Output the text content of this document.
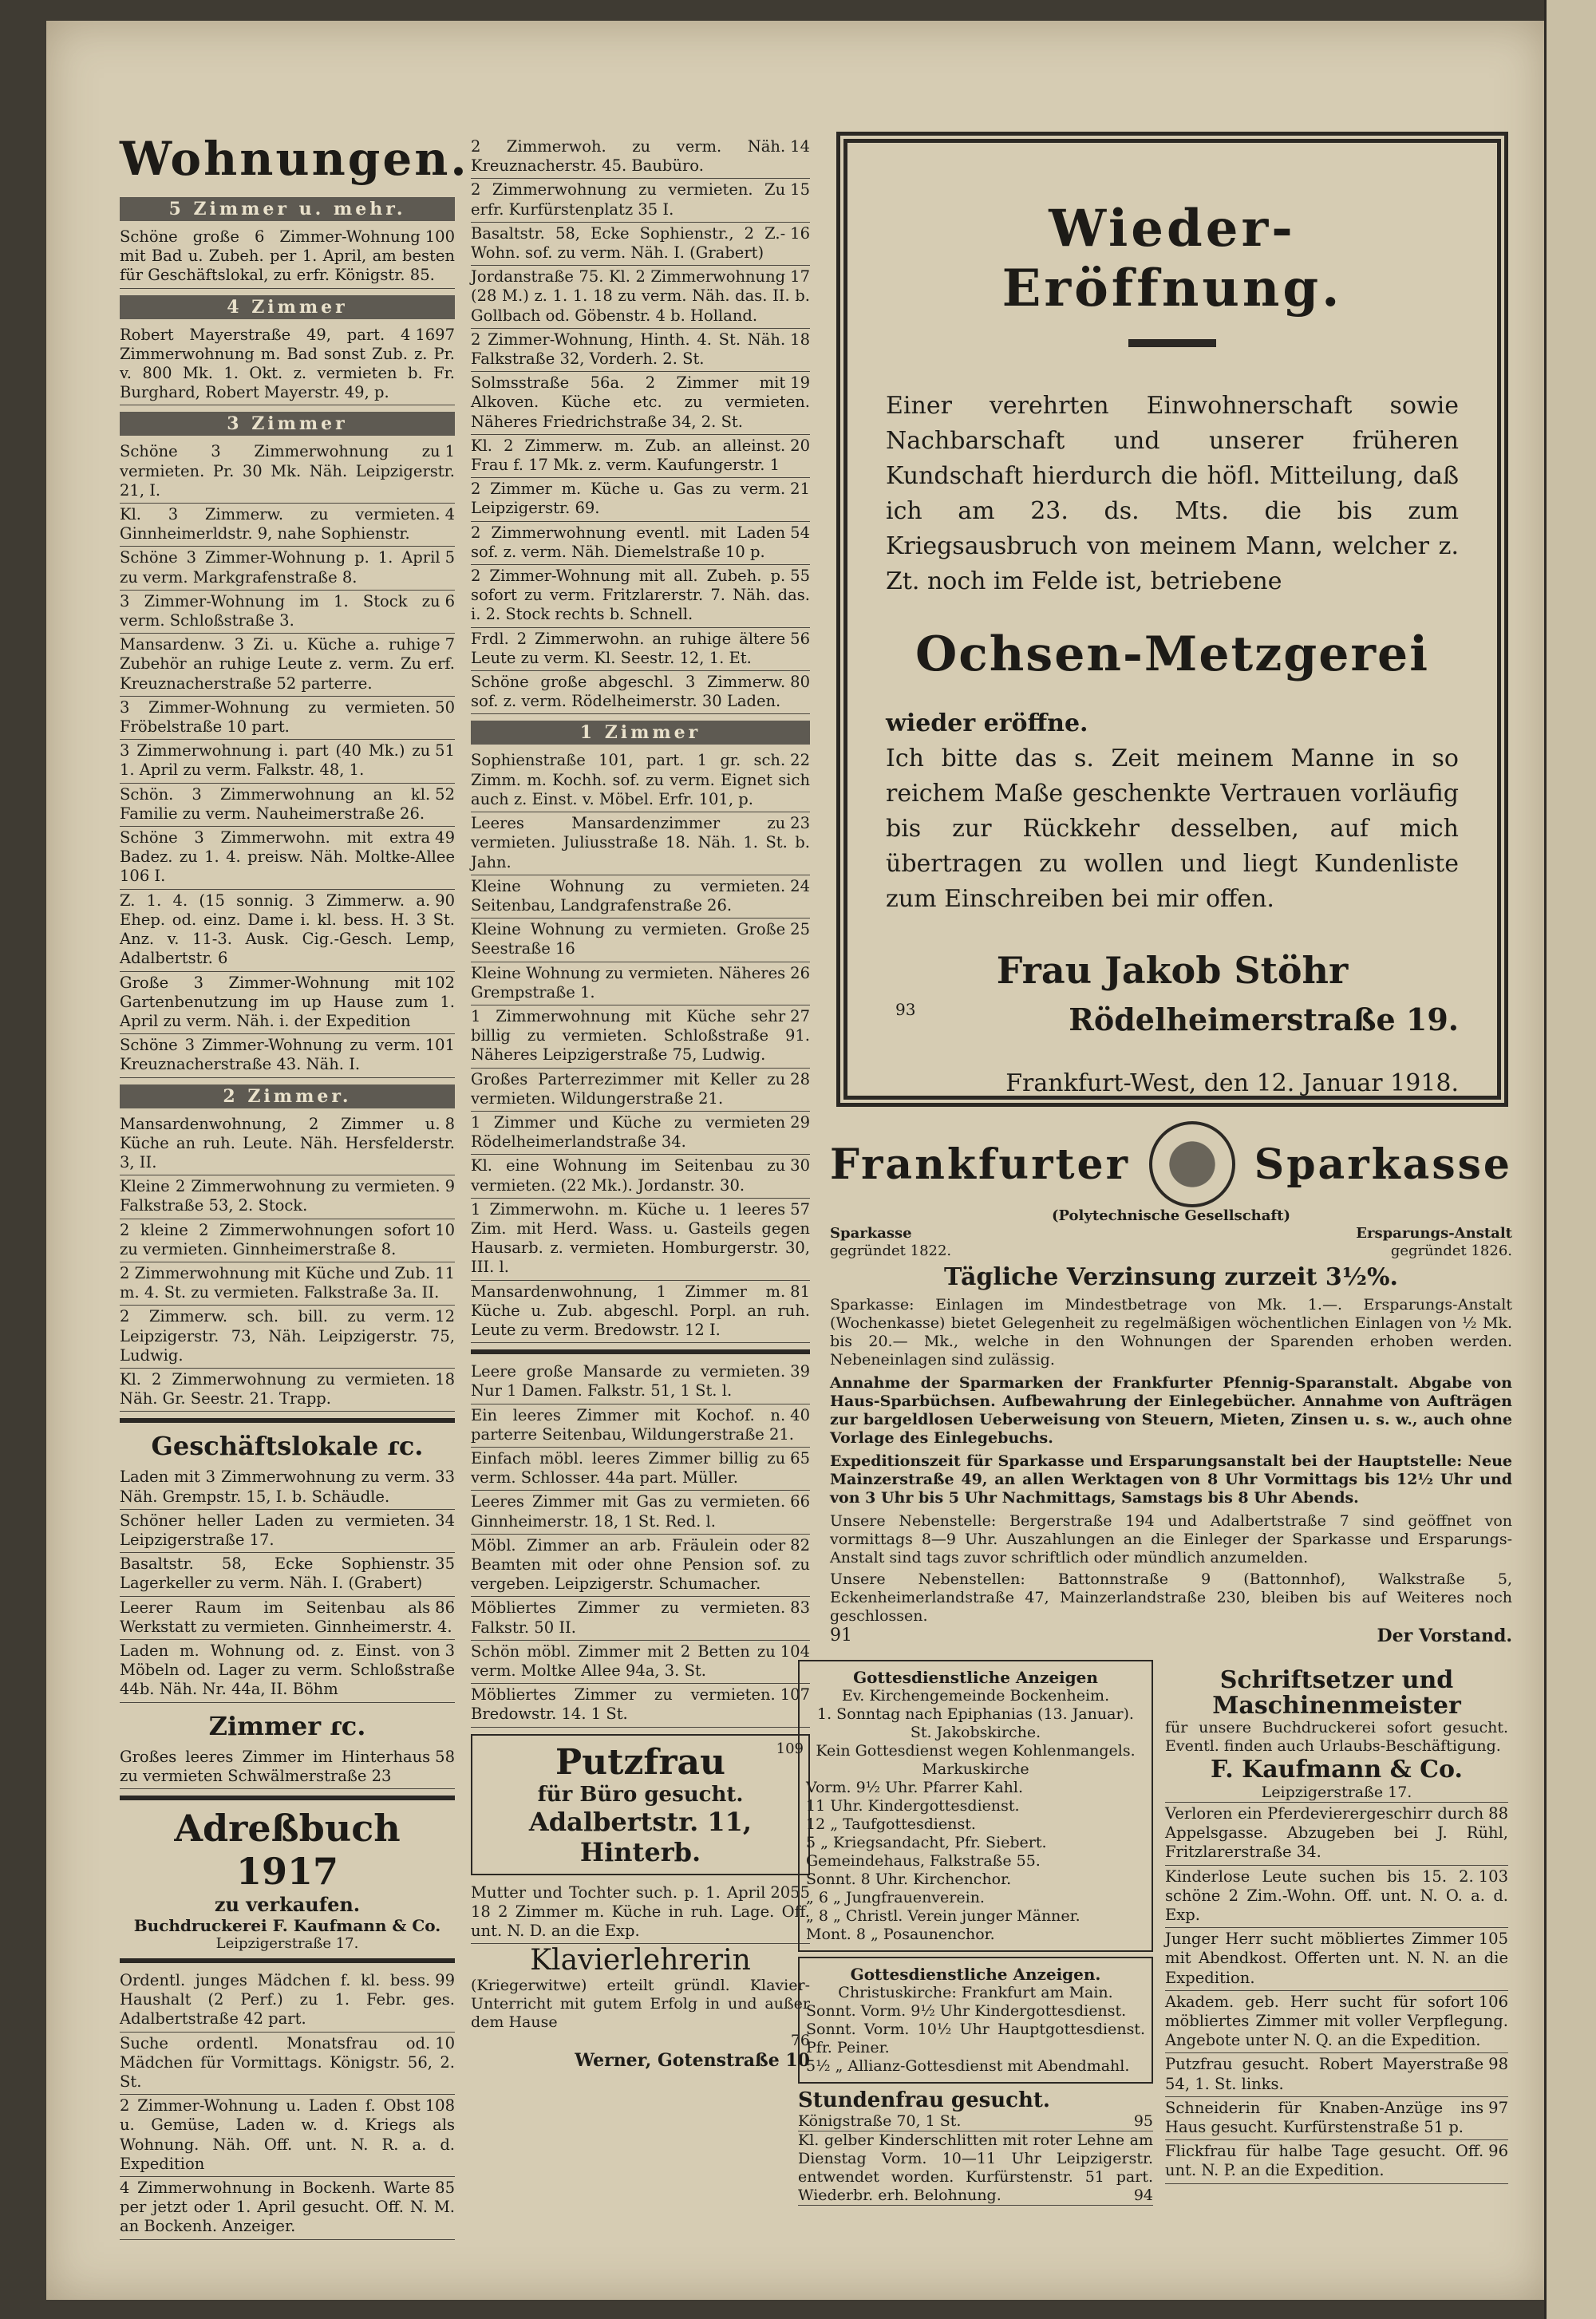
Wohnungen.
5 Zimmer u. mehr.
100
Schöne große 6 Zimmer-Wohnung mit Bad u. Zubeh. per 1. April, am besten für Geschäftslokal, zu erfr. Königstr. 85.
4 Zimmer
1697
Robert Mayerstraße 49, part. 4 Zimmerwohnung m. Bad sonst Zub. z. Pr. v. 800 Mk. 1. Okt. z. vermieten b. Fr. Burghard, Robert Mayerstr. 49, p.
3 Zimmer
1
Schöne 3 Zimmerwohnung zu vermieten. Pr. 30 Mk. Näh. Leipzigerstr. 21, I.
4
Kl. 3 Zimmerw. zu vermieten. Ginnheimerldstr. 9, nahe Sophienstr.
5
Schöne 3 Zimmer-Wohnung p. 1. April zu verm. Markgrafenstraße 8.
6
3 Zimmer-Wohnung im 1. Stock zu verm. Schloßstraße 3.
7
Mansardenw. 3 Zi. u. Küche a. ruhige Zubehör an ruhige Leute z. verm. Zu erf. Kreuznacherstraße 52 parterre.
50
3 Zimmer-Wohnung zu vermieten. Fröbelstraße 10 part.
51
3 Zimmerwohnung i. part (40 Mk.) zu 1. April zu verm. Falkstr. 48, 1.
52
Schön. 3 Zimmerwohnung an kl. Familie zu verm. Nauheimerstraße 26.
49
Schöne 3 Zimmerwohn. mit extra Badez. zu 1. 4. preisw. Näh. Moltke-Allee 106 I.
90
Z. 1. 4. (15 sonnig. 3 Zimmerw. a. Ehep. od. einz. Dame i. kl. bess. H. 3 St. Anz. v. 11-3. Ausk. Cig.-Gesch. Lemp, Adalbertstr. 6
102
Große 3 Zimmer-Wohnung mit Gartenbenutzung im up Hause zum 1. April zu verm. Näh. i. der Expedition
101
Schöne 3 Zimmer-Wohnung zu verm. Kreuznacherstraße 43. Näh. I.
2 Zimmer.
8
Mansardenwohnung, 2 Zimmer u. Küche an ruh. Leute. Näh. Hersfelderstr. 3, II.
9
Kleine 2 Zimmerwohnung zu vermieten. Falkstraße 53, 2. Stock.
10
2 kleine 2 Zimmerwohnungen sofort zu vermieten. Ginnheimerstraße 8.
11
2 Zimmerwohnung mit Küche und Zub. m. 4. St. zu vermieten. Falkstraße 3a. II.
12
2 Zimmerw. sch. bill. zu verm. Leipzigerstr. 73, Näh. Leipzigerstr. 75, Ludwig.
18
Kl. 2 Zimmerwohnung zu vermieten. Näh. Gr. Seestr. 21. Trapp.
Geschäftslokale ɾc.
33
Laden mit 3 Zimmerwohnung zu verm. Näh. Grempstr. 15, I. b. Schäudle.
34
Schöner heller Laden zu vermieten. Leipzigerstraße 17.
35
Basaltstr. 58, Ecke Sophienstr. Lagerkeller zu verm. Näh. I. (Grabert)
86
Leerer Raum im Seitenbau als Werkstatt zu vermieten. Ginnheimerstr. 4.
3
Laden m. Wohnung od. z. Einst. von Möbeln od. Lager zu verm. Schloßstraße 44b. Näh. Nr. 44a, II. Böhm
Zimmer ɾc.
58
Großes leeres Zimmer im Hinterhaus zu vermieten Schwälmerstraße 23
Adreßbuch 1917
zu verkaufen.
Buchdruckerei F. Kaufmann & Co.
Leipzigerstraße 17.
99
Ordentl. junges Mädchen f. kl. bess. Haushalt (2 Perf.) zu 1. Febr. ges. Adalbertstraße 42 part.
10
Suche ordentl. Monatsfrau od. Mädchen für Vormittags. Königstr. 56, 2. St.
108
2 Zimmer-Wohnung u. Laden f. Obst u. Gemüse, Laden w. d. Kriegs als Wohnung. Näh. Off. unt. N. R. a. d. Expedition
85
4 Zimmerwohnung in Bockenh. Warte per jetzt oder 1. April gesucht. Off. N. M. an Bockenh. Anzeiger.
14
2 Zimmerwoh. zu verm. Näh. Kreuznacherstr. 45. Baubüro.
15
2 Zimmerwohnung zu vermieten. Zu erfr. Kurfürstenplatz 35 I.
16
Basaltstr. 58, Ecke Sophienstr., 2 Z.-Wohn. sof. zu verm. Näh. I. (Grabert)
17
Jordanstraße 75. Kl. 2 Zimmerwohnung (28 M.) z. 1. 1. 18 zu verm. Näh. das. II. b. Gollbach od. Göbenstr. 4 b. Holland.
18
2 Zimmer-Wohnung, Hinth. 4. St. Näh. Falkstraße 32, Vorderh. 2. St.
19
Solmsstraße 56a. 2 Zimmer mit Alkoven. Küche etc. zu vermieten. Näheres Friedrichstraße 34, 2. St.
20
Kl. 2 Zimmerw. m. Zub. an alleinst. Frau f. 17 Mk. z. verm. Kaufungerstr. 1
21
2 Zimmer m. Küche u. Gas zu verm. Leipzigerstr. 69.
54
2 Zimmerwohnung eventl. mit Laden sof. z. verm. Näh. Diemelstraße 10 p.
55
2 Zimmer-Wohnung mit all. Zubeh. p. sofort zu verm. Fritzlarerstr. 7. Näh. das. i. 2. Stock rechts b. Schnell.
56
Frdl. 2 Zimmerwohn. an ruhige ältere Leute zu verm. Kl. Seestr. 12, 1. Et.
80
Schöne große abgeschl. 3 Zimmerw. sof. z. verm. Rödelheimerstr. 30 Laden.
1 Zimmer
22
Sophienstraße 101, part. 1 gr. sch. Zimm. m. Kochh. sof. zu verm. Eignet sich auch z. Einst. v. Möbel. Erfr. 101, p.
23
Leeres Mansardenzimmer zu vermieten. Juliusstraße 18. Näh. 1. St. b. Jahn.
24
Kleine Wohnung zu vermieten. Seitenbau, Landgrafenstraße 26.
25
Kleine Wohnung zu vermieten. Große Seestraße 16
26
Kleine Wohnung zu vermieten. Näheres Grempstraße 1.
27
1 Zimmerwohnung mit Küche sehr billig zu vermieten. Schloßstraße 91. Näheres Leipzigerstraße 75, Ludwig.
28
Großes Parterrezimmer mit Keller zu vermieten. Wildungerstraße 21.
29
1 Zimmer und Küche zu vermieten Rödelheimerlandstraße 34.
30
Kl. eine Wohnung im Seitenbau zu vermieten. (22 Mk.). Jordanstr. 30.
57
1 Zimmerwohn. m. Küche u. 1 leeres Zim. mit Herd. Wass. u. Gasteils gegen Hausarb. z. vermieten. Homburgerstr. 30, III. l.
81
Mansardenwohnung, 1 Zimmer m. Küche u. Zub. abgeschl. Porpl. an ruh. Leute zu verm. Bredowstr. 12 I.
39
Leere große Mansarde zu vermieten. Nur 1 Damen. Falkstr. 51, 1 St. l.
40
Ein leeres Zimmer mit Kochof. n. parterre Seitenbau, Wildungerstraße 21.
65
Einfach möbl. leeres Zimmer billig zu verm. Schlosser. 44a part. Müller.
66
Leeres Zimmer mit Gas zu vermieten. Ginnheimerstr. 18, 1 St. Red. l.
82
Möbl. Zimmer an arb. Fräulein oder Beamten mit oder ohne Pension sof. zu vergeben. Leipzigerstr. Schumacher.
83
Möbliertes Zimmer zu vermieten. Falkstr. 50 II.
104
Schön möbl. Zimmer mit 2 Betten zu verm. Moltke Allee 94a, 3. St.
107
Möbliertes Zimmer zu vermieten. Bredowstr. 14. 1 St.
Putzfrau
für Büro gesucht.
Adalbertstr. 11, Hinterb.
109
2055
Mutter und Tochter such. p. 1. April 18 2 Zimmer m. Küche in ruh. Lage. Off. unt. N. D. an die Exp.
Klavierlehrerin
(Kriegerwitwe) erteilt gründl. Klavier-Unterricht mit gutem Erfolg in und außer dem Hause
76
Werner, Gotenstraße 10
Wieder-Eröffnung.
Einer verehrten Einwohnerschaft sowie Nachbarschaft und unserer früheren Kundschaft hierdurch die höfl. Mitteilung, daß ich am 23. ds. Mts. die bis zum Kriegsausbruch von meinem Mann, welcher z. Zt. noch im Felde ist, betriebene
Ochsen-Metzgerei
wieder eröffne.
Ich bitte das s. Zeit meinem Manne in so reichem Maße geschenkte Vertrauen vorläufig bis zur Rückkehr desselben, auf mich übertragen zu wollen und liegt Kundenliste zum Einschreiben bei mir offen.
Frau Jakob Stöhr
Rödelheimerstraße 19.
Frankfurt-West, den 12. Januar 1918.
93
Frankfurter	Sparkasse
(Polytechnische Gesellschaft)
Sparkasse
gegründet 1822.
Ersparungs-Anstalt
gegründet 1826.
Tägliche Verzinsung zurzeit 3½%.

Sparkasse: Einlagen im Mindestbetrage von Mk. 1.—. Ersparungs-Anstalt (Wochenkasse) bietet Gelegenheit zu regelmäßigen wöchentlichen Einlagen von ½ Mk. bis 20.— Mk., welche in den Wohnungen der Sparenden erhoben werden. Nebeneinlagen sind zulässig.

Annahme der Sparmarken der Frankfurter Pfennig-Sparanstalt. Abgabe von Haus-Sparbüchsen. Aufbewahrung der Einlegebücher. Annahme von Aufträgen zur bargeldlosen Ueberweisung von Steuern, Mieten, Zinsen u. s. w., auch ohne Vorlage des Einlegebuchs.

Expeditionszeit für Sparkasse und Ersparungsanstalt bei der Hauptstelle: Neue Mainzerstraße 49, an allen Werktagen von 8 Uhr Vormittags bis 12½ Uhr und von 3 Uhr bis 5 Uhr Nachmittags, Samstags bis 8 Uhr Abends.

Unsere Nebenstelle: Bergerstraße 194 und Adalbertstraße 7 sind geöffnet von vormittags 8—9 Uhr. Auszahlungen an die Einleger der Sparkasse und Ersparungs-Anstalt sind tags zuvor schriftlich oder mündlich anzumelden.

Unsere Nebenstellen: Battonnstraße 9 (Battonnhof), Walkstraße 5, Eckenheimerlandstraße 47, Mainzerlandstraße 230, bleiben bis auf Weiteres noch geschlossen.

91	Der Vorstand.
Gottesdienstliche Anzeigen
Ev. Kirchengemeinde Bockenheim.
1. Sonntag nach Epiphanias (13. Januar).
St. Jakobskirche.
Kein Gottesdienst wegen Kohlenmangels.
Markuskirche
Vorm. 9½ Uhr. Pfarrer Kahl.
11 Uhr. Kindergottesdienst.
12 „ Taufgottesdienst.
5 „ Kriegsandacht, Pfr. Siebert.
Gemeindehaus, Falkstraße 55.
Sonnt. 8 Uhr. Kirchenchor.
„ 6 „ Jungfrauenverein.
„ 8 „ Christl. Verein junger Männer.
Mont. 8 „ Posaunenchor.
Gottesdienstliche Anzeigen.
Christuskirche: Frankfurt am Main.
Sonnt. Vorm. 9½ Uhr Kindergottesdienst.
Sonnt. Vorm. 10½ Uhr Hauptgottesdienst. Pfr. Peiner.
5½ „ Allianz-Gottesdienst mit Abendmahl.
Stundenfrau gesucht.
Königstraße 70, 1 St.	95
Kl. gelber Kinderschlitten mit roter Lehne am Dienstag Vorm. 10—11 Uhr Leipzigerstr. entwendet worden. Kurfürstenstr. 51 part. Wiederbr. erh. Belohnung.	94
Schriftsetzer und Maschinenmeister
für unsere Buchdruckerei sofort gesucht. Eventl. finden auch Urlaubs-Beschäftigung.
F. Kaufmann & Co.
Leipzigerstraße 17.
88
Verloren ein Pferdevierergeschirr durch Appelsgasse. Abzugeben bei J. Rühl, Fritzlarerstraße 34.
103
Kinderlose Leute suchen bis 15. 2. schöne 2 Zim.-Wohn. Off. unt. N. O. a. d. Exp.
105
Junger Herr sucht möbliertes Zimmer mit Abendkost. Offerten unt. N. N. an die Expedition.
106
Akadem. geb. Herr sucht für sofort möbliertes Zimmer mit voller Verpflegung. Angebote unter N. Q. an die Expedition.
98
Putzfrau gesucht. Robert Mayerstraße 54, 1. St. links.
97
Schneiderin für Knaben-Anzüge ins Haus gesucht. Kurfürstenstraße 51 p.
96
Flickfrau für halbe Tage gesucht. Off. unt. N. P. an die Expedition.
